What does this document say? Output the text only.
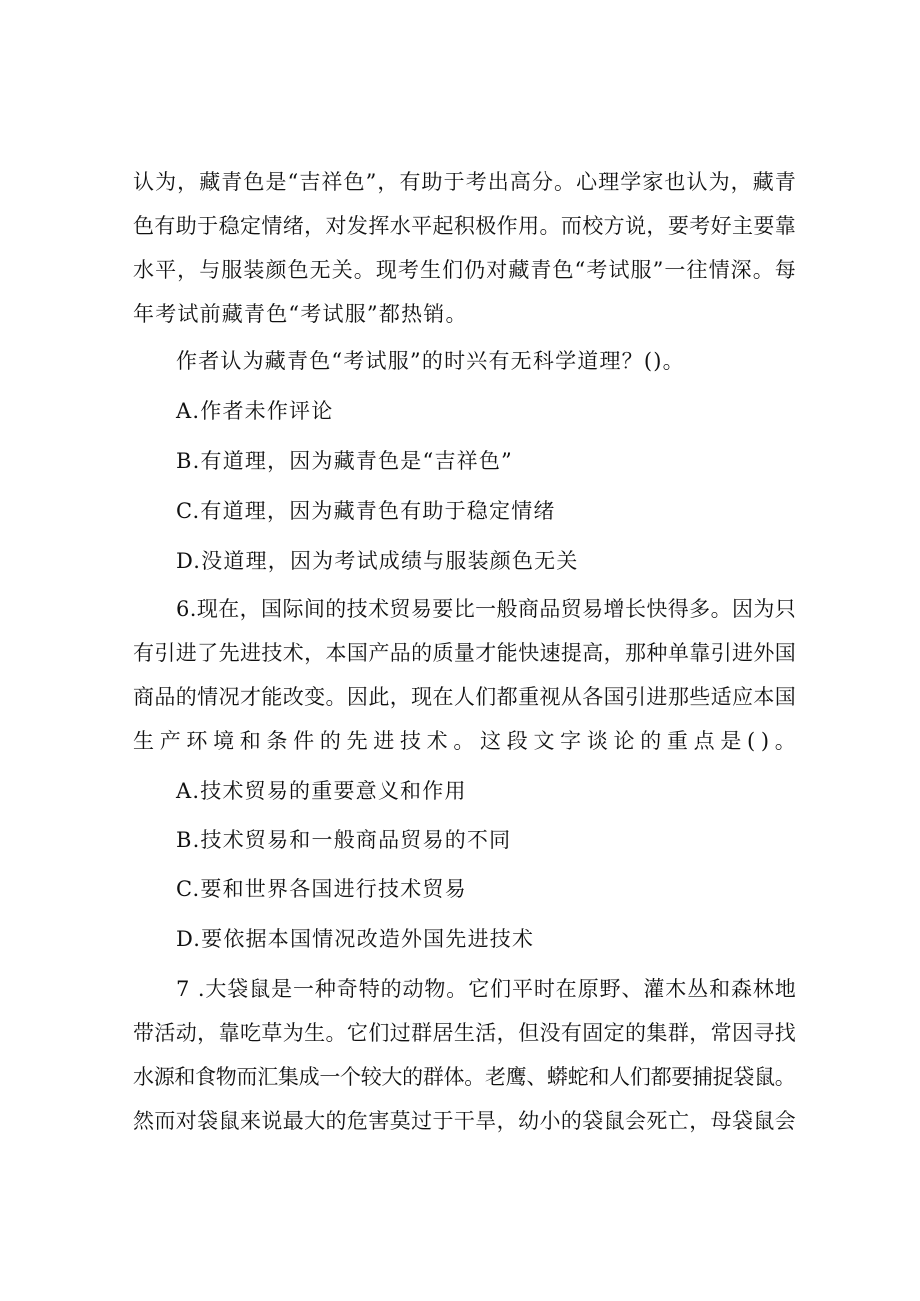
认为，藏青色是“吉祥色”，有助于考出高分。心理学家也认为，藏青

色有助于稳定情绪，对发挥水平起积极作用。而校方说，要考好主要靠

水平，与服装颜色无关。现考生们仍对藏青色“考试服”一往情深。每

年考试前藏青色“考试服”都热销。

作者认为藏青色“考试服”的时兴有无科学道理？()。

A.作者未作评论

B.有道理，因为藏青色是“吉祥色”

C.有道理，因为藏青色有助于稳定情绪

D.没道理，因为考试成绩与服装颜色无关

6.现在，国际间的技术贸易要比一般商品贸易增长快得多。因为只

有引进了先进技术，本国产品的质量才能快速提高，那种单靠引进外国

商品的情况才能改变。因此，现在人们都重视从各国引进那些适应本国

生产环境和条件的先进技术。这段文字谈论的重点是()。

A.技术贸易的重要意义和作用

B.技术贸易和一般商品贸易的不同

C.要和世界各国进行技术贸易

D.要依据本国情况改造外国先进技术

7 .大袋鼠是一种奇特的动物。它们平时在原野、灌木丛和森林地

带活动，靠吃草为生。它们过群居生活，但没有固定的集群，常因寻找

水源和食物而汇集成一个较大的群体。老鹰、蟒蛇和人们都要捕捉袋鼠。

然而对袋鼠来说最大的危害莫过于干旱，幼小的袋鼠会死亡，母袋鼠会
